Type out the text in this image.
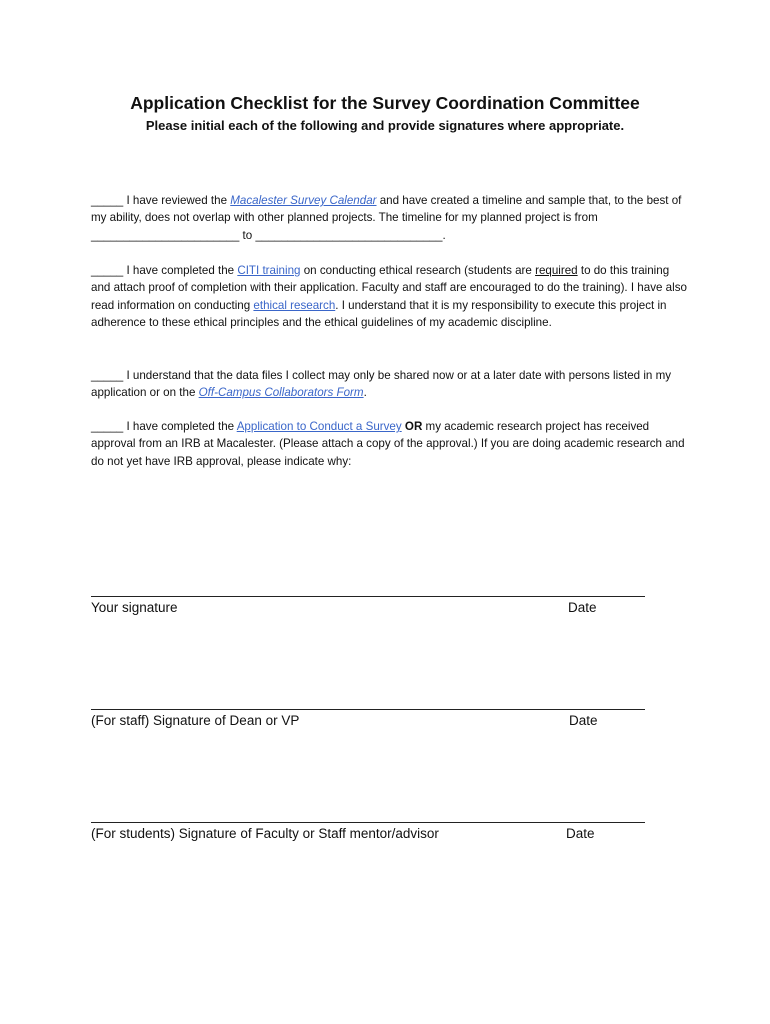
Application Checklist for the Survey Coordination Committee

Please initial each of the following and provide signatures where appropriate.

_____ I have reviewed the Macalester Survey Calendar and have created a timeline and sample that, to the best of my ability, does not overlap with other planned projects. The timeline for my planned project is from _______________________ to _____________________________.

_____ I have completed the CITI training on conducting ethical research (students are required to do this training and attach proof of completion with their application. Faculty and staff are encouraged to do the training). I have also read information on conducting ethical research. I understand that it is my responsibility to execute this project in adherence to these ethical principles and the ethical guidelines of my academic discipline.

_____ I understand that the data files I collect may only be shared now or at a later date with persons listed in my application or on the Off-Campus Collaborators Form.

_____ I have completed the Application to Conduct a Survey OR my academic research project has received approval from an IRB at Macalester. (Please attach a copy of the approval.) If you are doing academic research and do not yet have IRB approval, please indicate why:

Your signature	Date
(For staff) Signature of Dean or VP	Date
(For students) Signature of Faculty or Staff mentor/advisor	Date
